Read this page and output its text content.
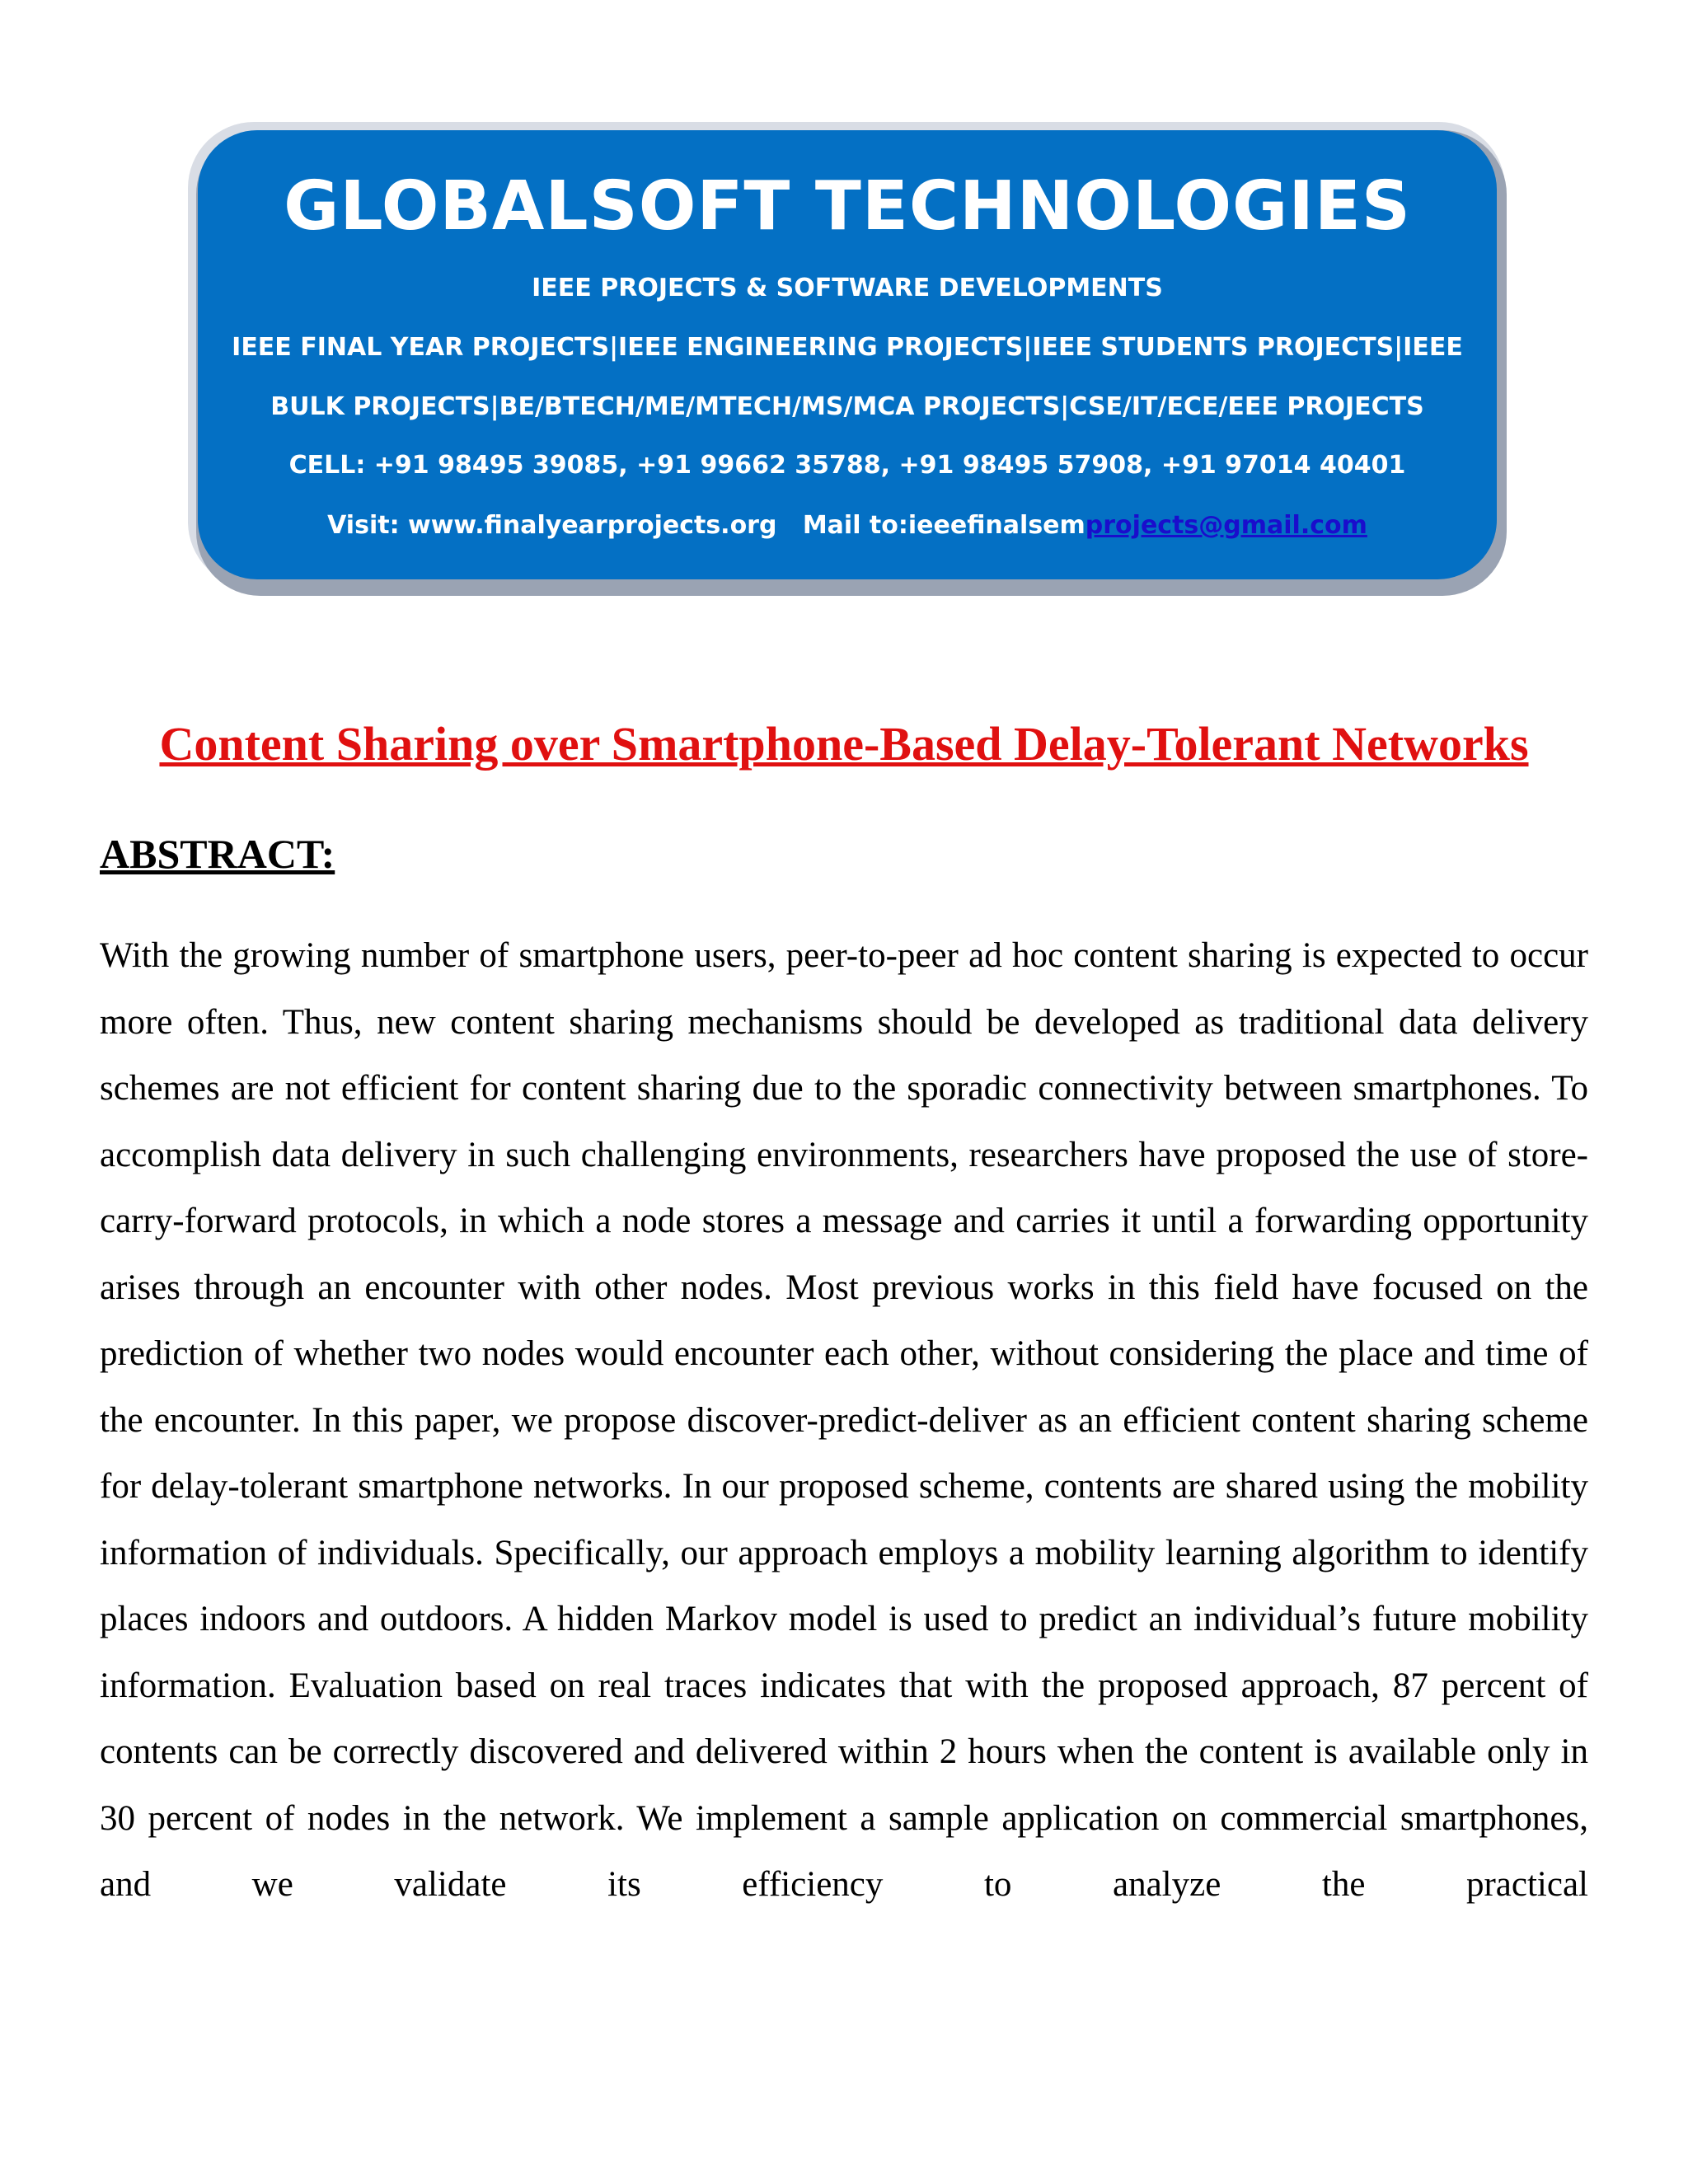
GLOBALSOFT TECHNOLOGIES
IEEE PROJECTS & SOFTWARE DEVELOPMENTS
IEEE FINAL YEAR PROJECTS|IEEE ENGINEERING PROJECTS|IEEE STUDENTS PROJECTS|IEEE
BULK PROJECTS|BE/BTECH/ME/MTECH/MS/MCA PROJECTS|CSE/IT/ECE/EEE PROJECTS
CELL: +91 98495 39085, +91 99662 35788, +91 98495 57908, +91 97014 40401
Visit: www.finalyearprojects.org Mail to:ieeefinalsemprojects@gmail.com
Content Sharing over Smartphone-Based Delay-Tolerant Networks
ABSTRACT:

With the growing number of smartphone users, peer-to-peer ad hoc content sharing is expected to occur more often. Thus, new content sharing mechanisms should be developed as traditional data delivery schemes are not efficient for content sharing due to the sporadic connectivity between smartphones. To accomplish data delivery in such challenging environments, researchers have proposed the use of store-carry-forward protocols, in which a node stores a message and carries it until a forwarding opportunity arises through an encounter with other nodes. Most previous works in this field have focused on the prediction of whether two nodes would encounter each other, without considering the place and time of the encounter. In this paper, we propose discover-predict-deliver as an efficient content sharing scheme for delay-tolerant smartphone networks. In our proposed scheme, contents are shared using the mobility information of individuals. Specifically, our approach employs a mobility learning algorithm to identify places indoors and outdoors. A hidden Markov model is used to predict an individual’s future mobility information. Evaluation based on real traces indicates that with the proposed approach, 87 percent of contents can be correctly discovered and delivered within 2 hours when the content is available only in 30 percent of nodes in the network. We implement a sample application on commercial smartphones, and we validate its efficiency to analyze the practical
